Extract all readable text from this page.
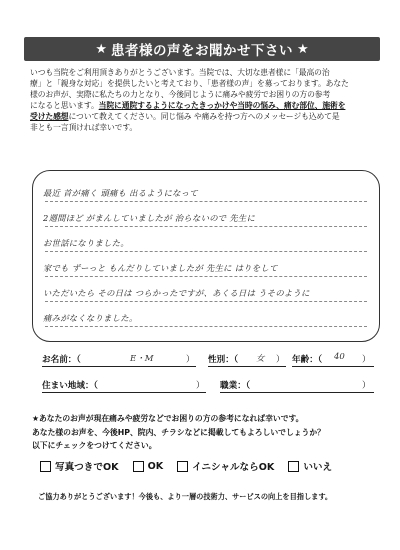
★ 患者様の声をお聞かせ下さい ★

いつも当院をご利用頂きありがとうございます。当院では、大切な患者様に「最高の治

療」と「親身な対応」を提供したいと考えており、「患者様の声」を募っております。あなた

様のお声が、実際に私たちの力となり、今後同じように痛みや疲労でお困りの方の参考

になると思います。当院に通院するようになったきっかけや当時の悩み、痛む部位、施術を

受けた感想について教えてください。同じ悩み や痛みを持つ方へのメッセージも込めて是

非とも一言頂ければ幸いです。

最近 首が痛く 頭痛も 出るようになって
2週間ほど がまんしていましたが 治らないので 先生に
お世話になりました。
家でも ずーっと もんだりしていましたが 先生に はりをして
いただいたら その日は つらかったですが、あくる日は うそのように
痛みがなくなりました。
お名前：（	E・M	） 性別：（ 女 ） 年齢：（ 40 ）
住まい地域：（	） 職業：（	）

★あなたのお声が現在痛みや疲労などでお困りの方の参考になれば幸いです。

あなた様のお声を、今後HP、院内、チラシなどに掲載してもよろしいでしょうか？

以下にチェックをつけてください。

写真つきでOK	OK	イニシャルならOK	いいえ
ご協力ありがとうございます！今後も、より一層の技術力、サービスの向上を目指します。
